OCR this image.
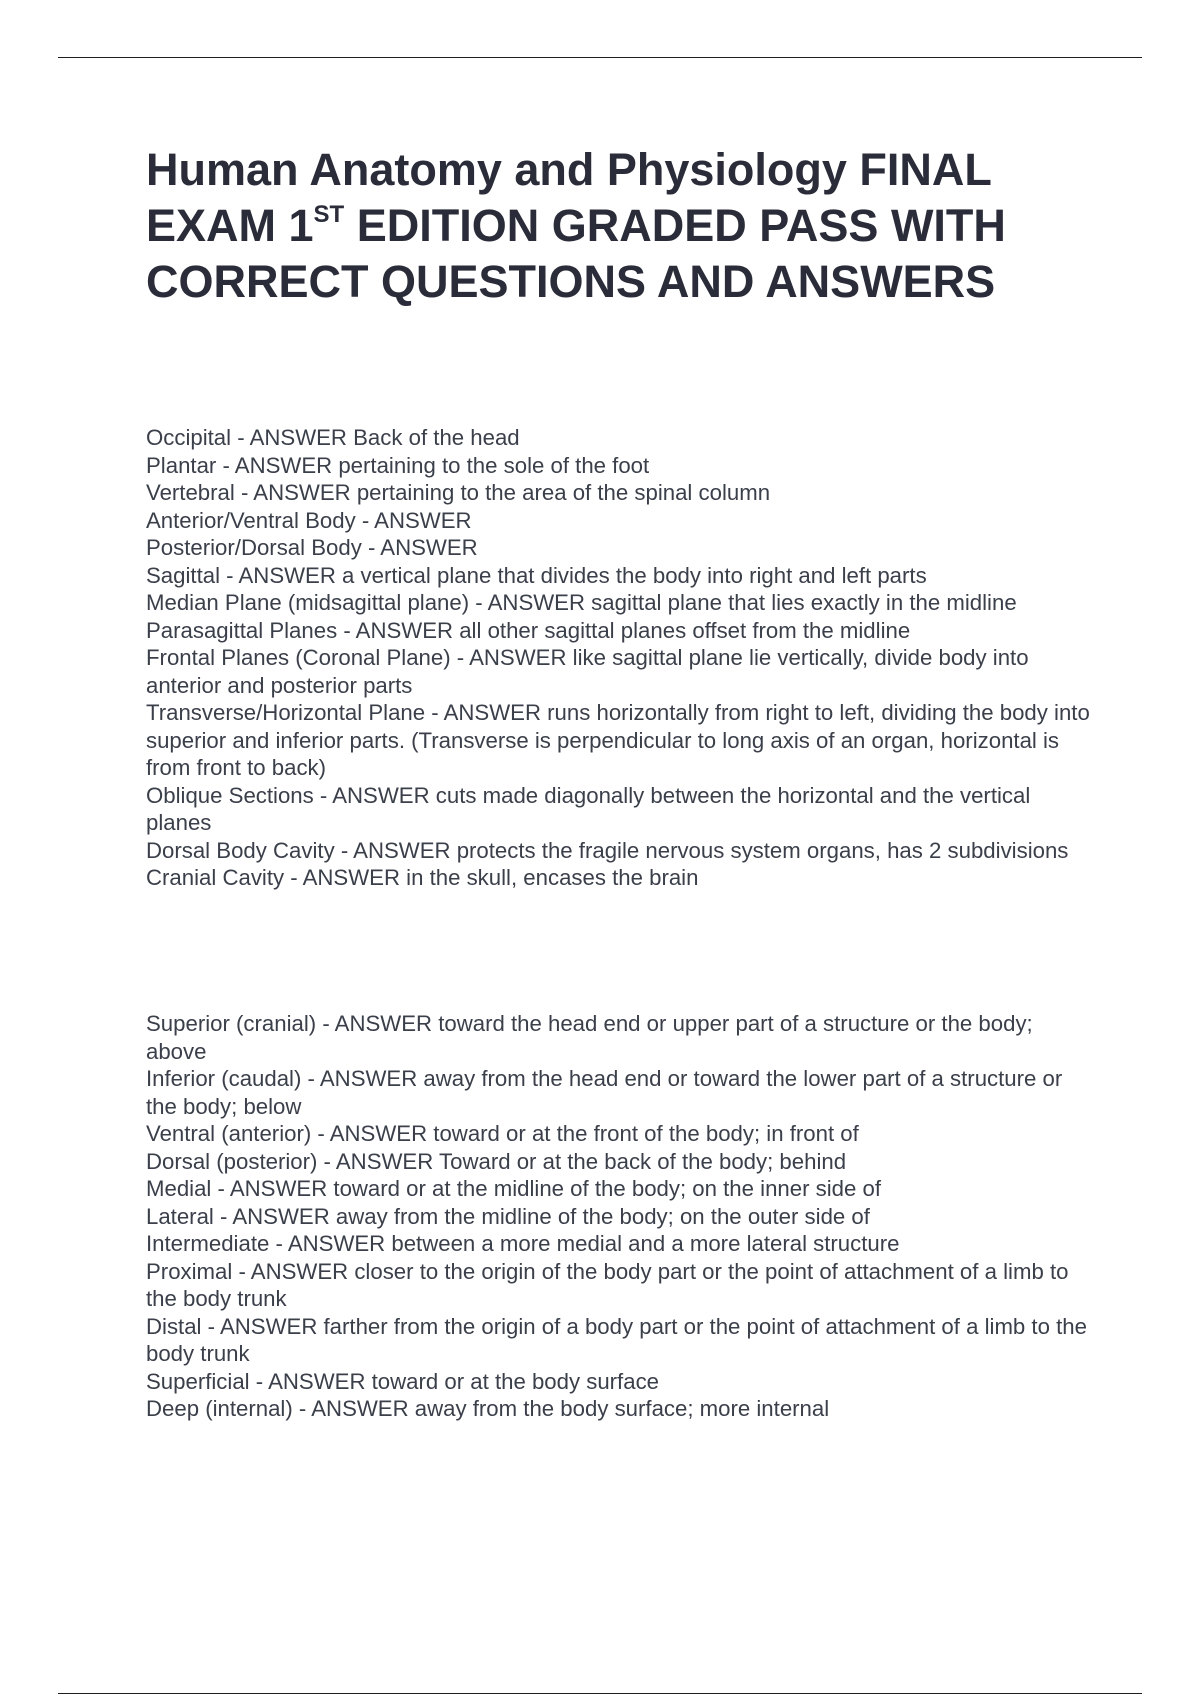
Human Anatomy and Physiology FINAL EXAM 1ST EDITION GRADED PASS WITH CORRECT QUESTIONS AND ANSWERS
Occipital - ANSWER Back of the head
Plantar - ANSWER pertaining to the sole of the foot
Vertebral - ANSWER pertaining to the area of the spinal column
Anterior/Ventral Body - ANSWER
Posterior/Dorsal Body - ANSWER
Sagittal - ANSWER a vertical plane that divides the body into right and left parts
Median Plane (midsagittal plane) - ANSWER sagittal plane that lies exactly in the midline
Parasagittal Planes - ANSWER all other sagittal planes offset from the midline
Frontal Planes (Coronal Plane) - ANSWER like sagittal plane lie vertically, divide body into anterior and posterior parts
Transverse/Horizontal Plane - ANSWER runs horizontally from right to left, dividing the body into superior and inferior parts. (Transverse is perpendicular to long axis of an organ, horizontal is from front to back)
Oblique Sections - ANSWER cuts made diagonally between the horizontal and the vertical planes
Dorsal Body Cavity - ANSWER protects the fragile nervous system organs, has 2 subdivisions
Cranial Cavity - ANSWER in the skull, encases the brain
Superior (cranial) - ANSWER toward the head end or upper part of a structure or the body; above
Inferior (caudal) - ANSWER away from the head end or toward the lower part of a structure or the body; below
Ventral (anterior) - ANSWER toward or at the front of the body; in front of
Dorsal (posterior) - ANSWER Toward or at the back of the body; behind
Medial - ANSWER toward or at the midline of the body; on the inner side of
Lateral - ANSWER away from the midline of the body; on the outer side of
Intermediate - ANSWER between a more medial and a more lateral structure
Proximal - ANSWER closer to the origin of the body part or the point of attachment of a limb to the body trunk
Distal - ANSWER farther from the origin of a body part or the point of attachment of a limb to the body trunk
Superficial - ANSWER toward or at the body surface
Deep (internal) - ANSWER away from the body surface; more internal
